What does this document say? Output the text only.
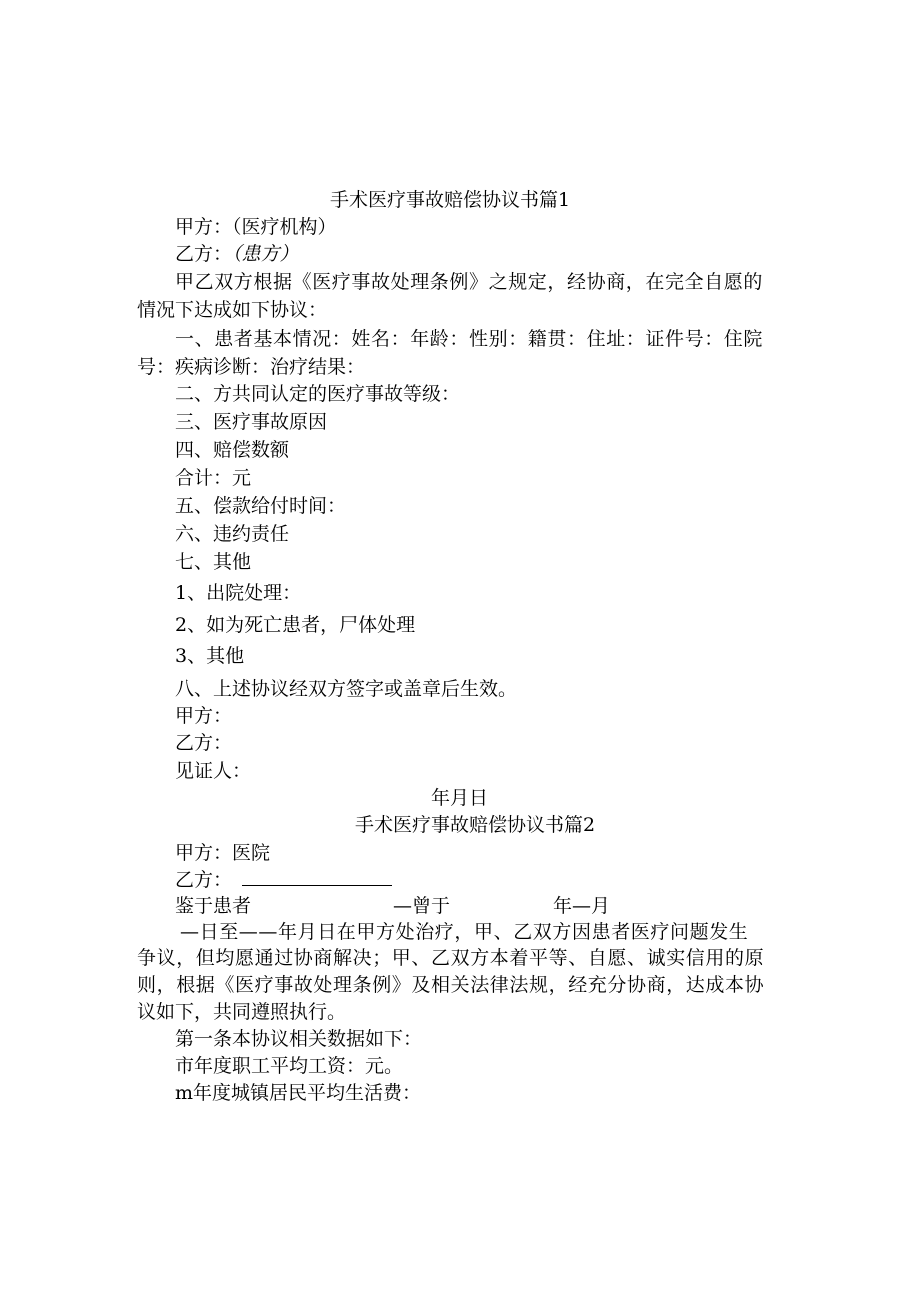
手术医疗事故赔偿协议书篇1

甲方：（医疗机构）

乙方：（患方）

甲乙双方根据《医疗事故处理条例》之规定，经协商，在完全自愿的

情况下达成如下协议：

一、患者基本情况：姓名：年龄：性别：籍贯：住址：证件号：住院

号：疾病诊断：治疗结果：

二、方共同认定的医疗事故等级：

三、医疗事故原因

四、赔偿数额

合计：元

五、偿款给付时间：

六、违约责任

七、其他

1、出院处理：

2、如为死亡患者，尸体处理

3、其他

八、上述协议经双方签字或盖章后生效。

甲方：

乙方：

见证人：

年月日

手术医疗事故赔偿协议书篇2

甲方：医院

乙方：

鉴于患者	—曾于	年—月

—日至——年月日在甲方处治疗，甲、乙双方因患者医疗问题发生

争议，但均愿通过协商解决；甲、乙双方本着平等、自愿、诚实信用的原

则，根据《医疗事故处理条例》及相关法律法规，经充分协商，达成本协

议如下，共同遵照执行。

第一条本协议相关数据如下：

市年度职工平均工资：元。

m年度城镇居民平均生活费：
